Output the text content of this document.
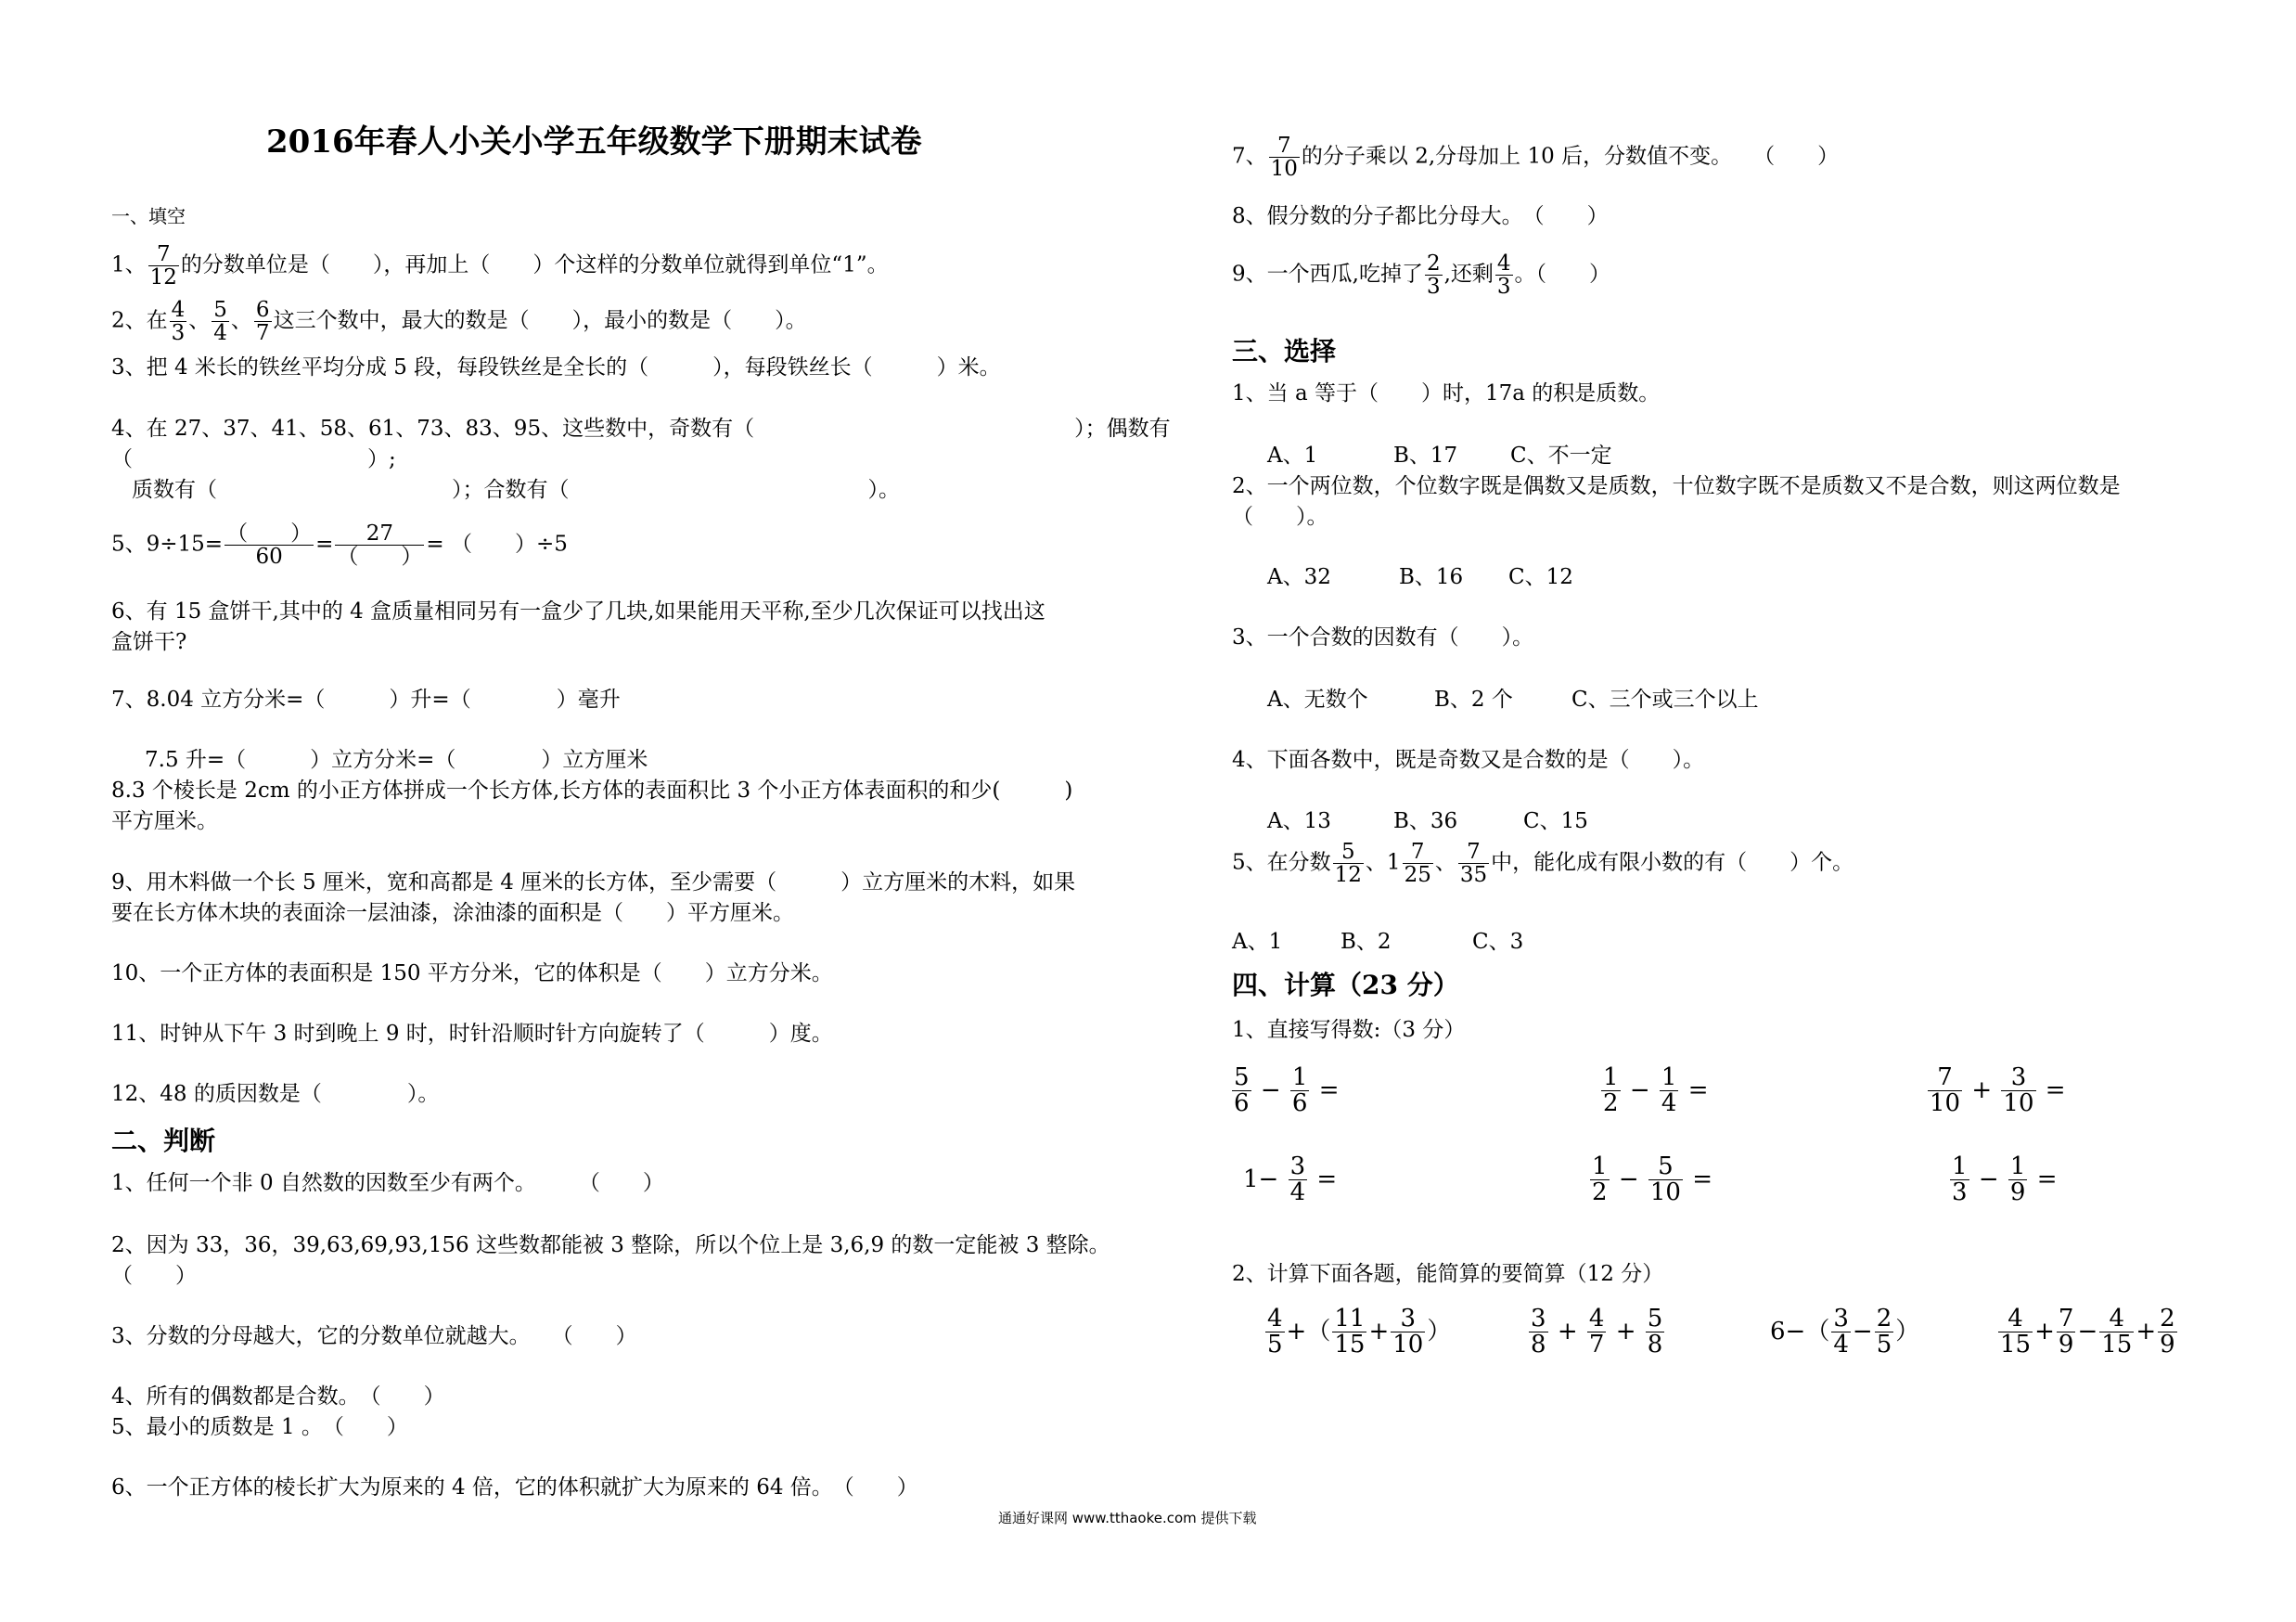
2016年春人小关小学五年级数学下册期末试卷
一、填空
1、 $\frac{7}{12}$ 的分数单位是（　　），再加上（　　）个这样的分数单位就得到单位“1”。
2、在 $\frac{4}{3}$ 、 $\frac{5}{4}$ 、 $\frac{6}{7}$ 这三个数中，最大的数是（　　），最小的数是（　　）。
3、把 4 米长的铁丝平均分成 5 段，每段铁丝是全长的（　　　），每段铁丝长（　　　）米。
4、在 27、37、41、58、61、73、83、95、这些数中，奇数有（　　　　　　　　　　　　　　　）；偶数有
（　　　　　　　　　　　）;
质数有（　　　　　　　　　　　）；合数有（　　　　　　　　　　　　　　）。
5、$9\div 15= \frac{( )}{60} = \frac{27}{( )}$ = （　　）÷5
6、有 15 盒饼干,其中的 4 盒质量相同另有一盒少了几块,如果能用天平称,至少几次保证可以找出这
盒饼干?
7、8.04 立方分米=（　　　）升=（　　　　）毫升
7.5 升=（　　　）立方分米=（　　　　）立方厘米
8.3 个棱长是 2cm 的小正方体拼成一个长方体,长方体的表面积比 3 个小正方体表面积的和少(　　　)
平方厘米。
9、用木料做一个长 5 厘米，宽和高都是 4 厘米的长方体，至少需要（　　　）立方厘米的木料，如果
要在长方体木块的表面涂一层油漆，涂油漆的面积是（　　）平方厘米。
10、一个正方体的表面积是 150 平方分米，它的体积是（　　）立方分米。
11、时钟从下午 3 时到晚上 9 时，时针沿顺时针方向旋转了（　　　）度。
12、48 的质因数是（　　　　）。
二、判断
1、任何一个非 0 自然数的因数至少有两个。　　　（　　）
2、因为 33，36，39,63,69,93,156 这些数都能被 3 整除，所以个位上是 3,6,9 的数一定能被 3 整除。
（　　）
3、分数的分母越大，它的分数单位就越大。　　（　　）
4、所有的偶数都是合数。　（　　）
5、最小的质数是 1 。　（　　）
6、一个正方体的棱长扩大为原来的 4 倍，它的体积就扩大为原来的 64 倍。　（　　）
7、 $\frac{7}{10}$ 的分子乘以 2,分母加上 10 后，分数值不变。　　（　　）
8、假分数的分子都比分母大。　（　　）
9、一个西瓜,吃掉了 $\frac{2}{3}$ ,还剩 $\frac{4}{3}$ 。（　　）
三、选择
1、当 a 等于（　　）时，17a 的积是质数。
A、1	B、17 C、不一定
2、一个两位数，个位数字既是偶数又是质数，十位数字既不是质数又不是合数，则这两位数是
（　　）。
A、32	B、16 C、12
3、一个合数的因数有（　　）。
A、无数个	B、2 个	C、三个或三个以上
4、下面各数中，既是奇数又是合数的是（　　）。
A、13	B、36	C、15
5、在分数 $\frac{5}{12}$ 、$1 \frac{7}{25}$ 、 $\frac{7}{35}$ 中，能化成有限小数的有（　　）个。
A、1	B、2	C、3
四、计算（23 分）
1、直接写得数:（3 分）
$\frac{5}{6} - \frac{1}{6}$ =	$\frac{1}{2} - \frac{1}{4}$ =	$\frac{7}{10} + \frac{3}{10}$ =
$1- \frac{3}{4}$ =	$\frac{1}{2} - \frac{5}{10}$ =	$\frac{1}{3} - \frac{1}{9}$ =
2、计算下面各题，能简算的要简算（12 分）
$\frac{4}{5}$ +（ $\frac{11}{15} + \frac{3}{10}$ ）	$\frac{3}{8} + \frac{4}{7} + \frac{5}{8}$	$6-( \frac{3}{4} - \frac{2}{5}$ ）	$\frac{4}{15} + \frac{7}{9} - \frac{4}{15} + \frac{2}{9}$
通通好课网 www.tthaoke.com 提供下载
